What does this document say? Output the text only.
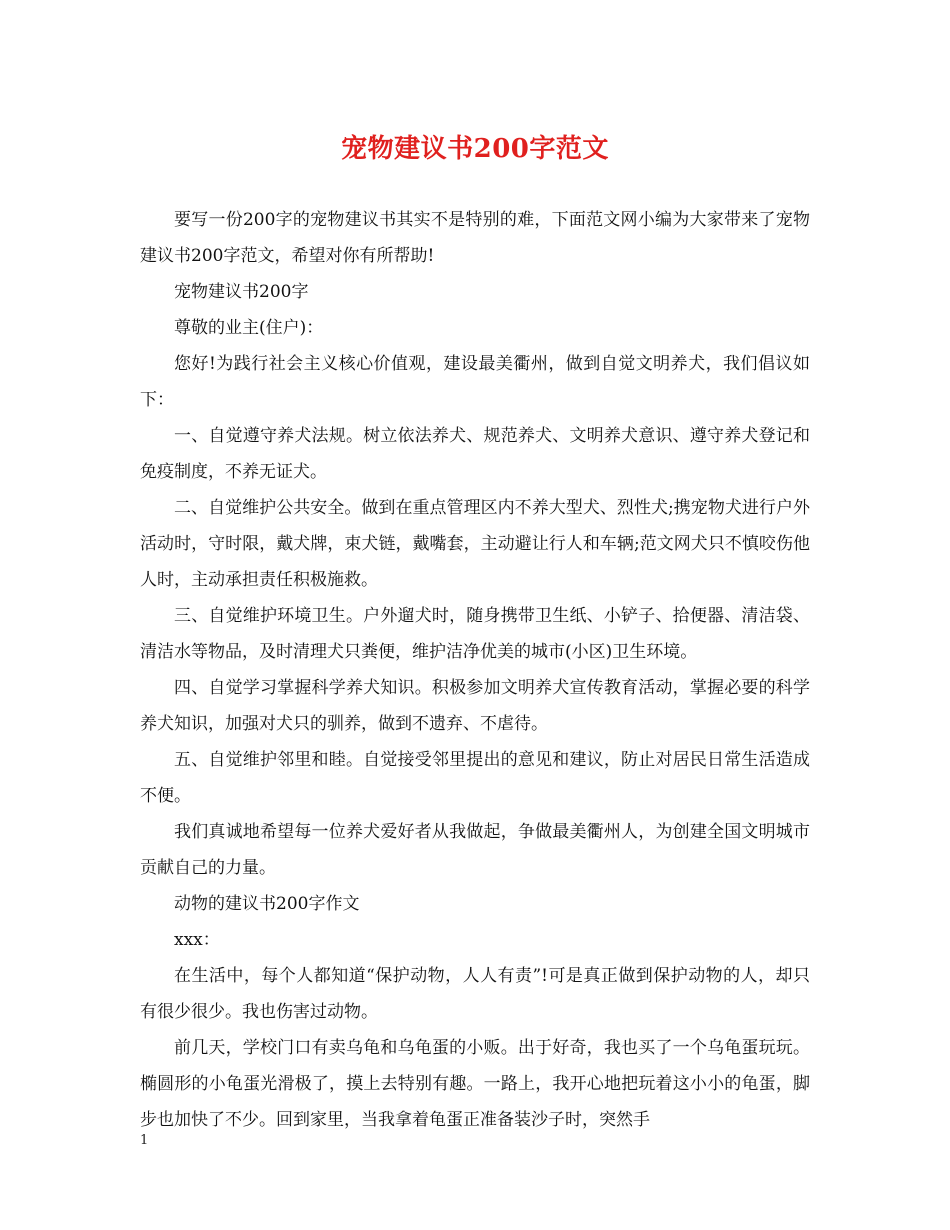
宠物建议书200字范文

要写一份200字的宠物建议书其实不是特别的难，下面范文网小编为大家带来了宠物建议书200字范文，希望对你有所帮助!

宠物建议书200字

尊敬的业主(住户)：

您好!为践行社会主义核心价值观，建设最美衢州，做到自觉文明养犬，我们倡议如下：

一、自觉遵守养犬法规。树立依法养犬、规范养犬、文明养犬意识、遵守养犬登记和免疫制度，不养无证犬。

二、自觉维护公共安全。做到在重点管理区内不养大型犬、烈性犬;携宠物犬进行户外活动时，守时限，戴犬牌，束犬链，戴嘴套，主动避让行人和车辆;范文网犬只不慎咬伤他人时，主动承担责任积极施救。

三、自觉维护环境卫生。户外遛犬时，随身携带卫生纸、小铲子、拾便器、清洁袋、清洁水等物品，及时清理犬只粪便，维护洁净优美的城市(小区)卫生环境。

四、自觉学习掌握科学养犬知识。积极参加文明养犬宣传教育活动，掌握必要的科学养犬知识，加强对犬只的驯养，做到不遗弃、不虐待。

五、自觉维护邻里和睦。自觉接受邻里提出的意见和建议，防止对居民日常生活造成不便。

我们真诚地希望每一位养犬爱好者从我做起，争做最美衢州人，为创建全国文明城市贡献自己的力量。

动物的建议书200字作文

xxx：

在生活中，每个人都知道“保护动物，人人有责”!可是真正做到保护动物的人，却只有很少很少。我也伤害过动物。

前几天，学校门口有卖乌龟和乌龟蛋的小贩。出于好奇，我也买了一个乌龟蛋玩玩。椭圆形的小龟蛋光滑极了，摸上去特别有趣。一路上，我开心地把玩着这小小的龟蛋，脚步也加快了不少。回到家里，当我拿着龟蛋正准备装沙子时，突然手

1
